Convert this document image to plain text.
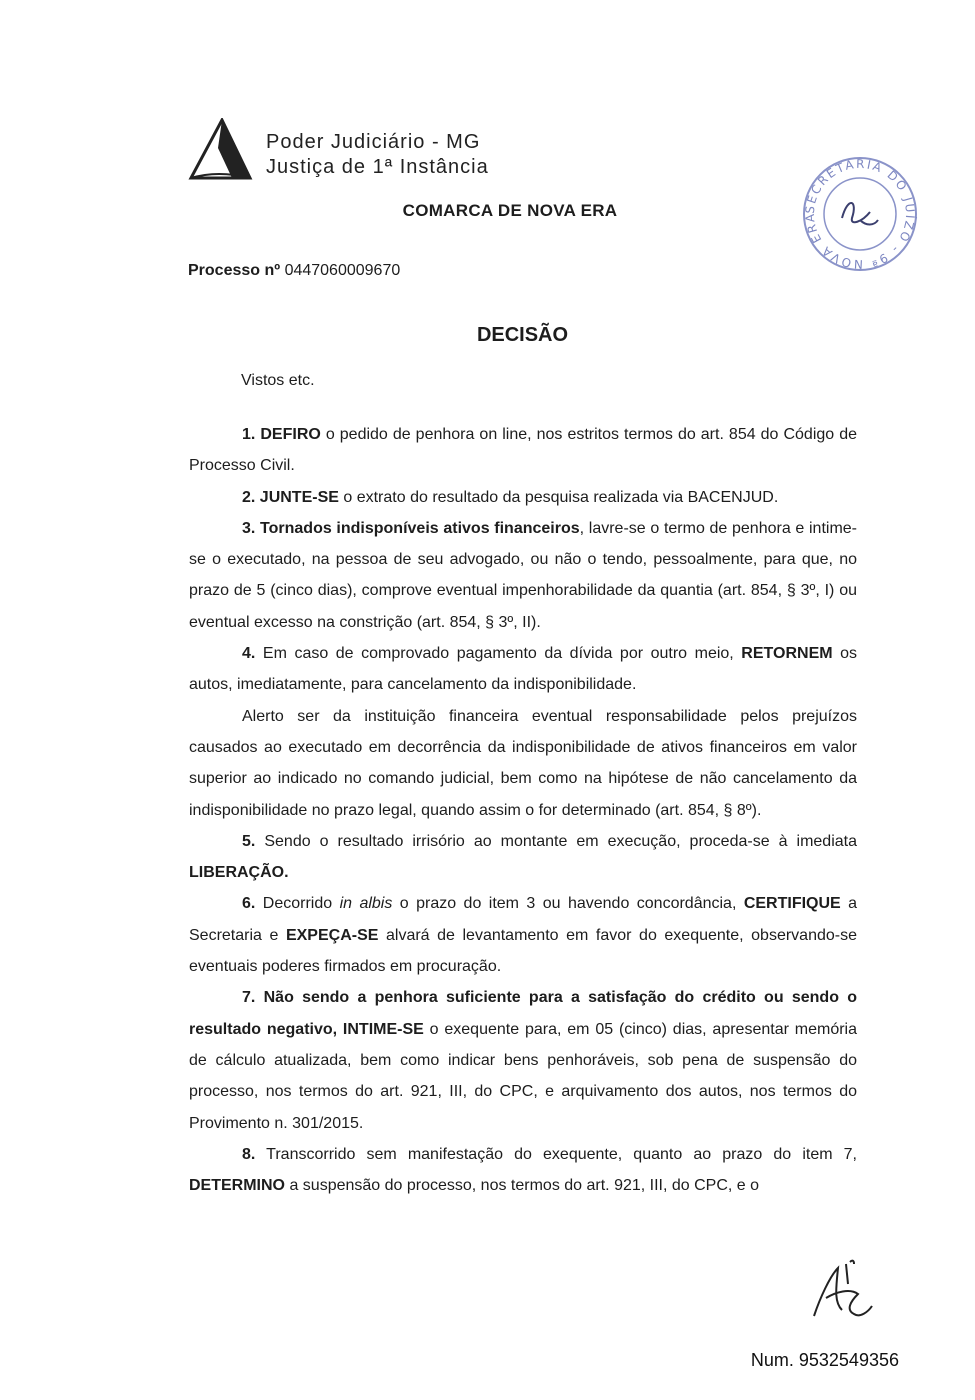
Poder Judiciário - MG
Justiça de 1ª Instância
COMARCA DE NOVA ERA	SECRETARIA DO JUÍZO - 9ª NOVA ERA
Processo nº 0447060009670
DECISÃO
Vistos etc.

1. DEFIRO o pedido de penhora on line, nos estritos termos do art. 854 do Código de Processo Civil.

2. JUNTE-SE o extrato do resultado da pesquisa realizada via BACENJUD.

3. Tornados indisponíveis ativos financeiros, lavre-se o termo de penhora e intime-se o executado, na pessoa de seu advogado, ou não o tendo, pessoalmente, para que, no prazo de 5 (cinco dias), comprove eventual impenhorabilidade da quantia (art. 854, § 3º, I) ou eventual excesso na constrição (art. 854, § 3º, II).

4. Em caso de comprovado pagamento da dívida por outro meio, RETORNEM os autos, imediatamente, para cancelamento da indisponibilidade.

Alerto ser da instituição financeira eventual responsabilidade pelos prejuízos causados ao executado em decorrência da indisponibilidade de ativos financeiros em valor superior ao indicado no comando judicial, bem como na hipótese de não cancelamento da indisponibilidade no prazo legal, quando assim o for determinado (art. 854, § 8º).

5. Sendo o resultado irrisório ao montante em execução, proceda-se à imediata LIBERAÇÃO.

6. Decorrido in albis o prazo do item 3 ou havendo concordância, CERTIFIQUE a Secretaria e EXPEÇA-SE alvará de levantamento em favor do exequente, observando-se eventuais poderes firmados em procuração.

7. Não sendo a penhora suficiente para a satisfação do crédito ou sendo o resultado negativo, INTIME-SE o exequente para, em 05 (cinco) dias, apresentar memória de cálculo atualizada, bem como indicar bens penhoráveis, sob pena de suspensão do processo, nos termos do art. 921, III, do CPC, e arquivamento dos autos, nos termos do Provimento n. 301/2015.

8. Transcorrido sem manifestação do exequente, quanto ao prazo do item 7, DETERMINO a suspensão do processo, nos termos do art. 921, III, do CPC, e o

Num. 9532549356
